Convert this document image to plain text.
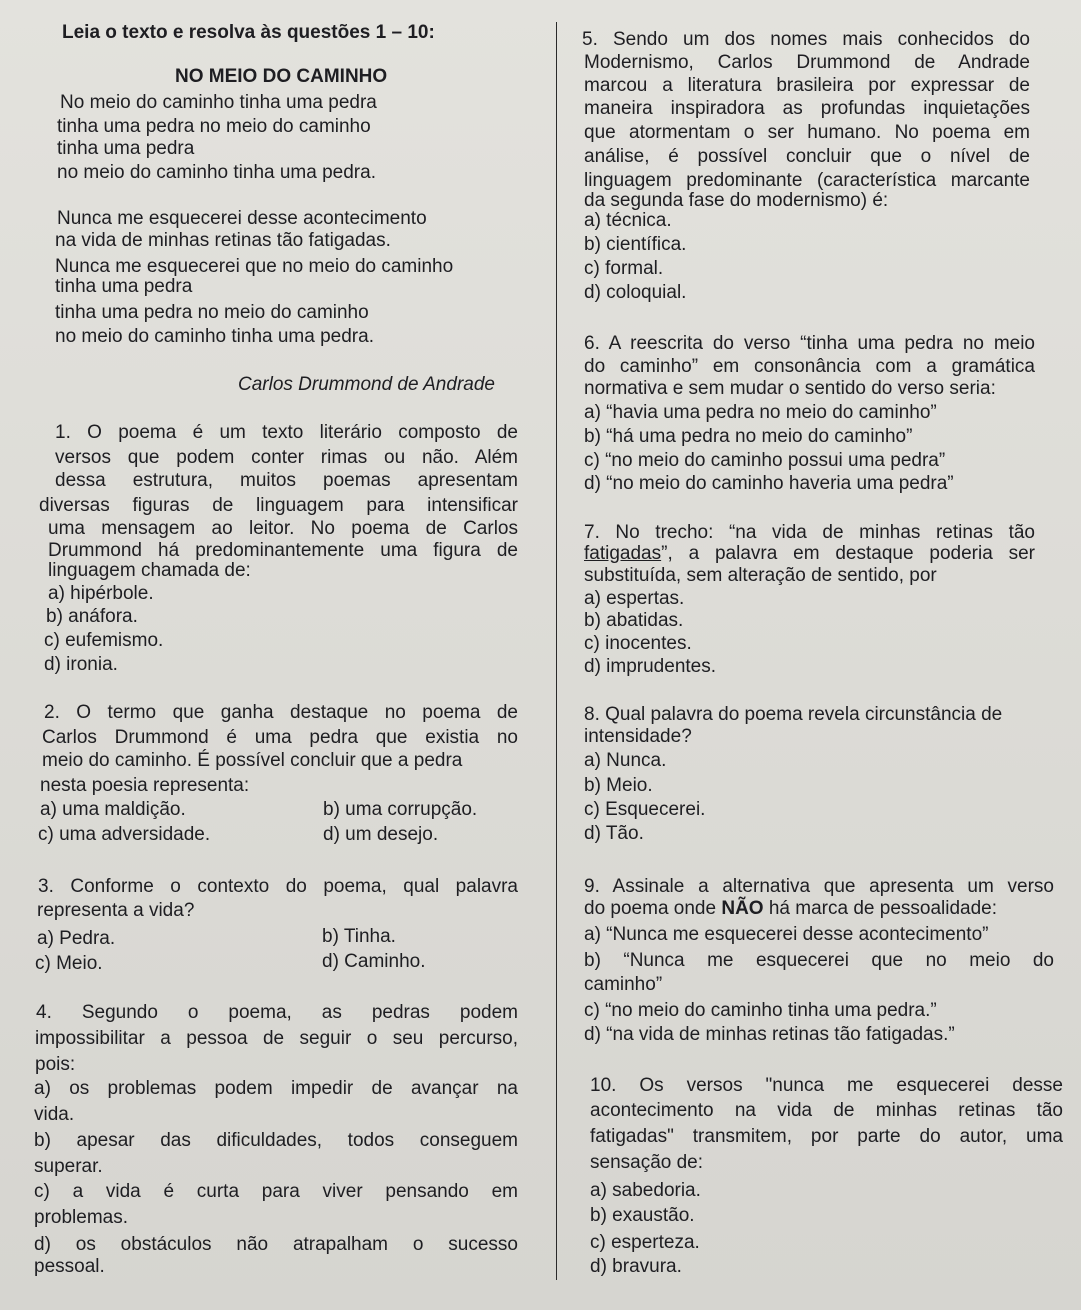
Leia o texto e resolva às questões 1 – 10:
NO MEIO DO CAMINHO
No meio do caminho tinha uma pedra
tinha uma pedra no meio do caminho
tinha uma pedra
no meio do caminho tinha uma pedra.
Nunca me esquecerei desse acontecimento
na vida de minhas retinas tão fatigadas.
Nunca me esquecerei que no meio do caminho
tinha uma pedra
tinha uma pedra no meio do caminho
no meio do caminho tinha uma pedra.
Carlos Drummond de Andrade
1. O poema é um texto literário composto de
versos que podem conter rimas ou não. Além
dessa estrutura, muitos poemas apresentam
diversas figuras de linguagem para intensificar
uma mensagem ao leitor. No poema de Carlos
Drummond há predominantemente uma figura de
linguagem chamada de:
a) hipérbole.
b) anáfora.
c) eufemismo.
d) ironia.
2. O termo que ganha destaque no poema de
Carlos Drummond é uma pedra que existia no
meio do caminho. É possível concluir que a pedra
nesta poesia representa:
a) uma maldição.	b) uma corrupção.
c) uma adversidade.	d) um desejo.
3. Conforme o contexto do poema, qual palavra
representa a vida?
a) Pedra.	b) Tinha.
c) Meio.	d) Caminho.
4. Segundo o poema, as pedras podem
impossibilitar a pessoa de seguir o seu percurso,
pois:
a) os problemas podem impedir de avançar na
vida.
b) apesar das dificuldades, todos conseguem
superar.
c) a vida é curta para viver pensando em
problemas.
d) os obstáculos não atrapalham o sucesso
pessoal.
5. Sendo um dos nomes mais conhecidos do
Modernismo, Carlos Drummond de Andrade
marcou a literatura brasileira por expressar de
maneira inspiradora as profundas inquietações
que atormentam o ser humano. No poema em
análise, é possível concluir que o nível de
linguagem predominante (característica marcante
da segunda fase do modernismo) é:
a) técnica.
b) científica.
c) formal.
d) coloquial.
6. A reescrita do verso “tinha uma pedra no meio
do caminho” em consonância com a gramática
normativa e sem mudar o sentido do verso seria:
a) “havia uma pedra no meio do caminho”
b) “há uma pedra no meio do caminho”
c) “no meio do caminho possui uma pedra”
d) “no meio do caminho haveria uma pedra”
7. No trecho: “na vida de minhas retinas tão
fatigadas ”, a palavra em destaque poderia ser
substituída, sem alteração de sentido, por
a) espertas.
b) abatidas.
c) inocentes.
d) imprudentes.
8. Qual palavra do poema revela circunstância de
intensidade?
a) Nunca.
b) Meio.
c) Esquecerei.
d) Tão.
9. Assinale a alternativa que apresenta um verso
do poema onde NÃO há marca de pessoalidade:
a) “Nunca me esquecerei desse acontecimento”
b) “Nunca me esquecerei que no meio do
caminho”
c) “no meio do caminho tinha uma pedra.”
d) “na vida de minhas retinas tão fatigadas.”
10. Os versos "nunca me esquecerei desse
acontecimento na vida de minhas retinas tão
fatigadas" transmitem, por parte do autor, uma
sensação de:
a) sabedoria.
b) exaustão.
c) esperteza.
d) bravura.
